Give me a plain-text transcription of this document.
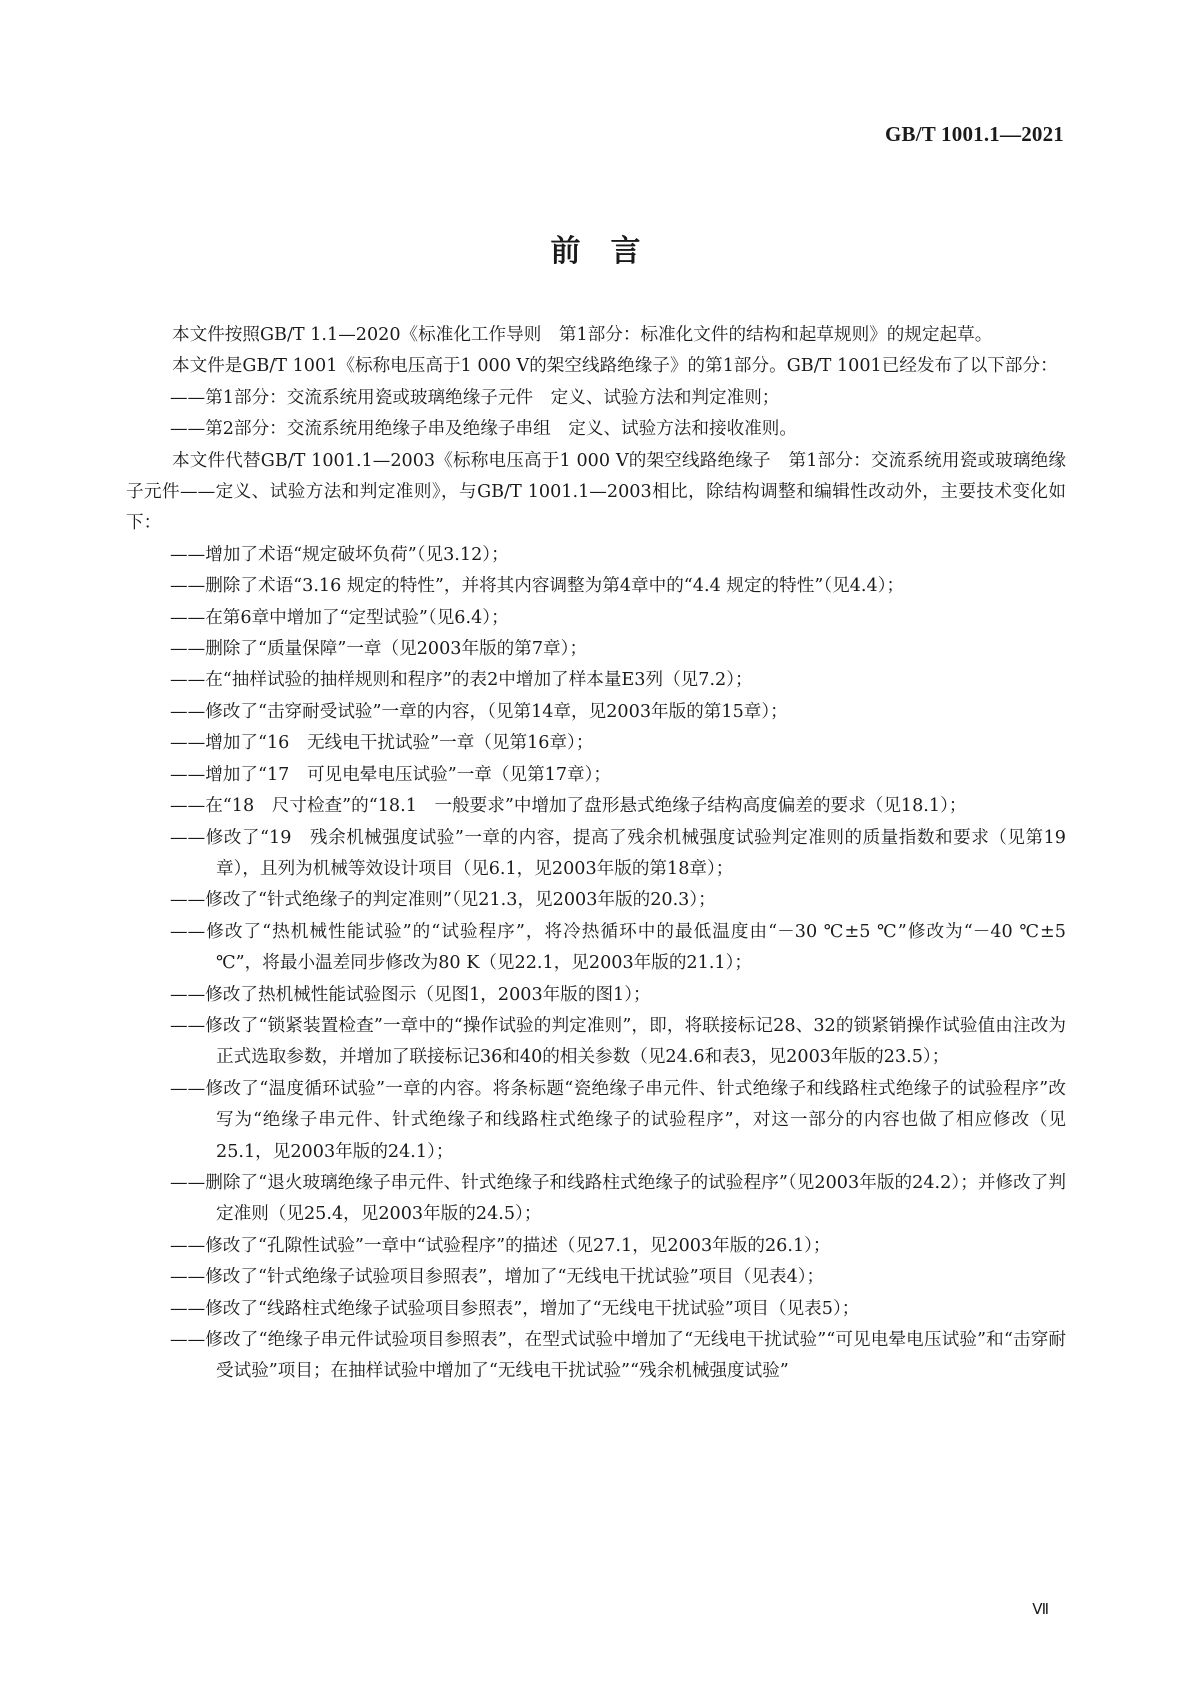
GB/T 1001.1—2021
前言

本文件按照GB/T 1.1—2020《标准化工作导则　第1部分：标准化文件的结构和起草规则》的规定起草。

本文件是GB/T 1001《标称电压高于1 000 V的架空线路绝缘子》的第1部分。GB/T 1001已经发布了以下部分：

——第1部分：交流系统用瓷或玻璃绝缘子元件　定义、试验方法和判定准则；

——第2部分：交流系统用绝缘子串及绝缘子串组　定义、试验方法和接收准则。

本文件代替GB/T 1001.1—2003《标称电压高于1 000 V的架空线路绝缘子　第1部分：交流系统用瓷或玻璃绝缘子元件——定义、试验方法和判定准则》，与GB/T 1001.1—2003相比，除结构调整和编辑性改动外，主要技术变化如下：

——增加了术语“规定破坏负荷”（见3.12）；

——删除了术语“3.16 规定的特性”，并将其内容调整为第4章中的“4.4 规定的特性”（见4.4）；

——在第6章中增加了“定型试验”（见6.4）；

——删除了“质量保障”一章（见2003年版的第7章）；

——在“抽样试验的抽样规则和程序”的表2中增加了样本量E3列（见7.2）；

——修改了“击穿耐受试验”一章的内容，（见第14章，见2003年版的第15章）；

——增加了“16　无线电干扰试验”一章（见第16章）；

——增加了“17　可见电晕电压试验”一章（见第17章）；

——在“18　尺寸检查”的“18.1　一般要求”中增加了盘形悬式绝缘子结构高度偏差的要求（见18.1）；

——修改了“19　残余机械强度试验”一章的内容，提高了残余机械强度试验判定准则的质量指数和要求（见第19章），且列为机械等效设计项目（见6.1，见2003年版的第18章）；

——修改了“针式绝缘子的判定准则”（见21.3，见2003年版的20.3）；

——修改了“热机械性能试验”的“试验程序”，将冷热循环中的最低温度由“－30 ℃±5 ℃”修改为“－40 ℃±5 ℃”，将最小温差同步修改为80 K（见22.1，见2003年版的21.1）；

——修改了热机械性能试验图示（见图1，2003年版的图1）；

——修改了“锁紧装置检查”一章中的“操作试验的判定准则”，即，将联接标记28、32的锁紧销操作试验值由注改为正式选取参数，并增加了联接标记36和40的相关参数（见24.6和表3，见2003年版的23.5）；

——修改了“温度循环试验”一章的内容。将条标题“瓷绝缘子串元件、针式绝缘子和线路柱式绝缘子的试验程序”改写为“绝缘子串元件、针式绝缘子和线路柱式绝缘子的试验程序”，对这一部分的内容也做了相应修改（见25.1，见2003年版的24.1）；

——删除了“退火玻璃绝缘子串元件、针式绝缘子和线路柱式绝缘子的试验程序”（见2003年版的24.2）；并修改了判定准则（见25.4，见2003年版的24.5）；

——修改了“孔隙性试验”一章中“试验程序”的描述（见27.1，见2003年版的26.1）；

——修改了“针式绝缘子试验项目参照表”，增加了“无线电干扰试验”项目（见表4）；

——修改了“线路柱式绝缘子试验项目参照表”，增加了“无线电干扰试验”项目（见表5）；

——修改了“绝缘子串元件试验项目参照表”，在型式试验中增加了“无线电干扰试验”“可见电晕电压试验”和“击穿耐受试验”项目；在抽样试验中增加了“无线电干扰试验”“残余机械强度试验”

Ⅶ
